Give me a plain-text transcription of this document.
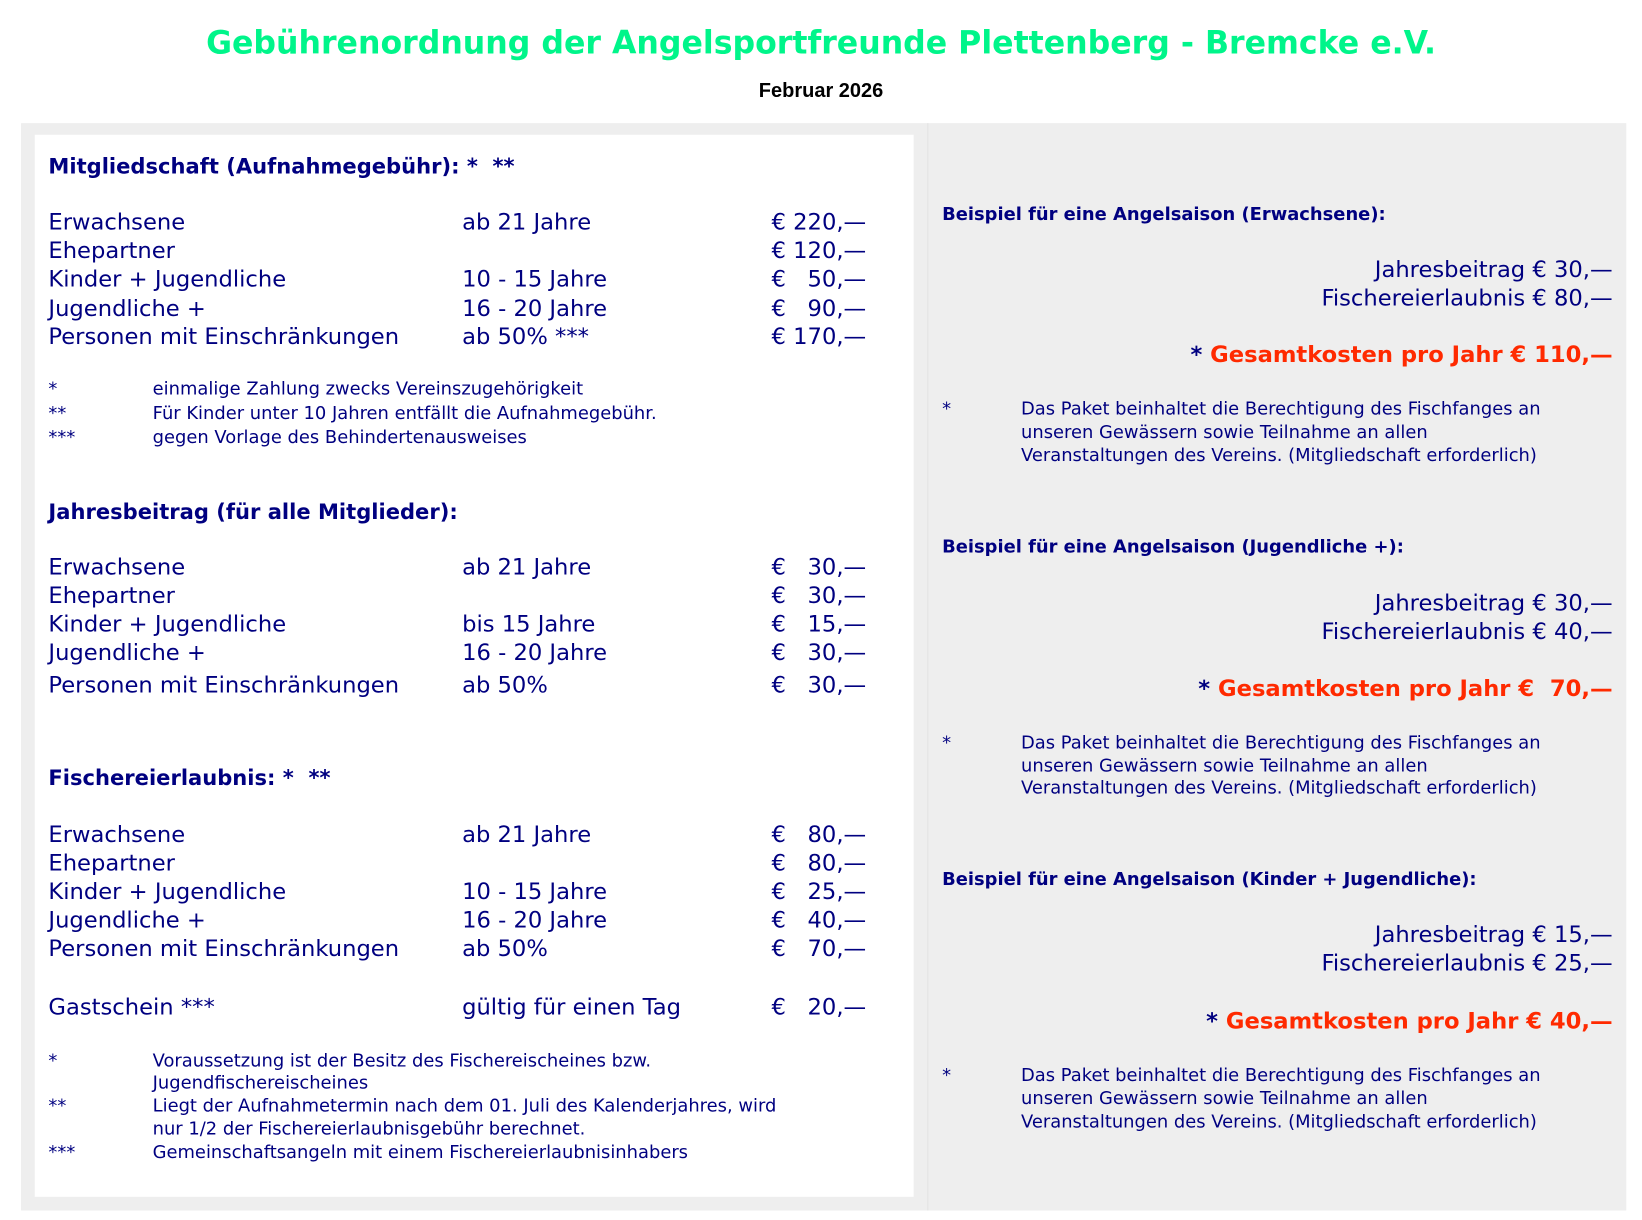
Gebührenordnung der Angelsportfreunde Plettenberg - Bremcke e.V.
Februar 2026
Mitgliedschaft (Aufnahmegebühr): *  **
Erwachsene	ab 21 Jahre	€ 220,—
Ehepartner	€ 120,—
Kinder + Jugendliche	10 - 15 Jahre	€   50,—
Jugendliche +	16 - 20 Jahre	€   90,—
Personen mit Einschränkungen	ab 50% ***	€ 170,—
*	einmalige Zahlung zwecks Vereinszugehörigkeit
**	Für Kinder unter 10 Jahren entfällt die Aufnahmegebühr.
***	gegen Vorlage des Behindertenausweises
Jahresbeitrag (für alle Mitglieder):
Erwachsene	ab 21 Jahre	€   30,—
Ehepartner	€   30,—
Kinder + Jugendliche	bis 15 Jahre	€   15,—
Jugendliche +	16 - 20 Jahre	€   30,—
Personen mit Einschränkungen	ab 50%	€   30,—
Fischereierlaubnis: *  **
Erwachsene	ab 21 Jahre	€   80,—
Ehepartner	€   80,—
Kinder + Jugendliche	10 - 15 Jahre	€   25,—
Jugendliche +	16 - 20 Jahre	€   40,—
Personen mit Einschränkungen	ab 50%	€   70,—
Gastschein ***	gültig für einen Tag	€   20,—
*	Voraussetzung ist der Besitz des Fischereischeines bzw.
Jugendfischereischeines
**	Liegt der Aufnahmetermin nach dem 01. Juli des Kalenderjahres, wird
nur 1/2 der Fischereierlaubnisgebühr berechnet.
***	Gemeinschaftsangeln mit einem Fischereierlaubnisinhabers
Beispiel für eine Angelsaison (Erwachsene):
Jahresbeitrag € 30,—
Fischereierlaubnis € 80,—
* Gesamtkosten pro Jahr € 110,—
*	Das Paket beinhaltet die Berechtigung des Fischfanges an
unseren Gewässern sowie Teilnahme an allen
Veranstaltungen des Vereins. (Mitgliedschaft erforderlich)
Beispiel für eine Angelsaison (Jugendliche +):
Jahresbeitrag € 30,—
Fischereierlaubnis € 40,—
* Gesamtkosten pro Jahr €  70,—
*	Das Paket beinhaltet die Berechtigung des Fischfanges an
unseren Gewässern sowie Teilnahme an allen
Veranstaltungen des Vereins. (Mitgliedschaft erforderlich)
Beispiel für eine Angelsaison (Kinder + Jugendliche):
Jahresbeitrag € 15,—
Fischereierlaubnis € 25,—
* Gesamtkosten pro Jahr € 40,—
*	Das Paket beinhaltet die Berechtigung des Fischfanges an
unseren Gewässern sowie Teilnahme an allen
Veranstaltungen des Vereins. (Mitgliedschaft erforderlich)
